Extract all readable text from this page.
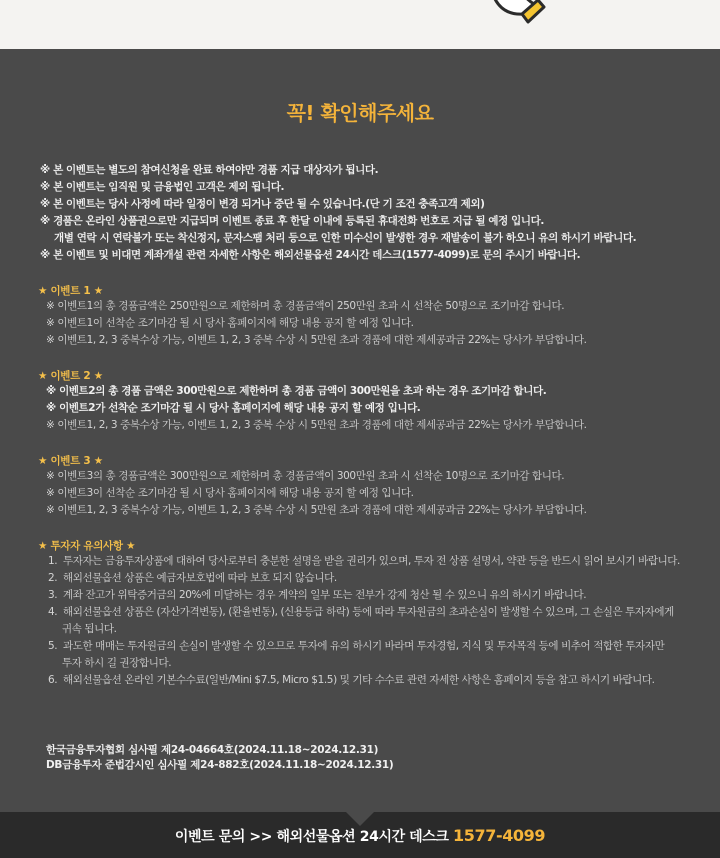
꼭! 확인해주세요
※ 본 이벤트는 별도의 참여신청을 완료 하여야만 경품 지급 대상자가 됩니다.
※ 본 이벤트는 임직원 및 금융법인 고객은 제외 됩니다.
※ 본 이벤트는 당사 사정에 따라 일정이 변경 되거나 중단 될 수 있습니다.(단 기 조건 충족고객 제외)
※ 경품은 온라인 상품권으로만 지급되며 이벤트 종료 후 한달 이내에 등록된 휴대전화 번호로 지급 될 예정 입니다.
개별 연락 시 연락불가 또는 착신정지, 문자스팸 처리 등으로 인한 미수신이 발생한 경우 재발송이 불가 하오니 유의 하시기 바랍니다.
※ 본 이벤트 및 비대면 계좌개설 관련 자세한 사항은 해외선물옵션 24시간 데스크(1577-4099)로 문의 주시기 바랍니다.
★ 이벤트 1 ★
※ 이벤트1의 총 경품금액은 250만원으로 제한하며 총 경품금액이 250만원 초과 시 선착순 50명으로 조기마감 합니다.
※ 이벤트1이 선착순 조기마감 될 시 당사 홈페이지에 해당 내용 공지 할 예정 입니다.
※ 이벤트1, 2, 3 중복수상 가능, 이벤트 1, 2, 3 중복 수상 시 5만원 초과 경품에 대한 제세공과금 22%는 당사가 부담합니다.
★ 이벤트 2 ★
※ 이벤트2의 총 경품 금액은 300만원으로 제한하며 총 경품 금액이 300만원을 초과 하는 경우 조기마감 합니다.
※ 이벤트2가 선착순 조기마감 될 시 당사 홈페이지에 해당 내용 공지 할 예정 입니다.
※ 이벤트1, 2, 3 중복수상 가능, 이벤트 1, 2, 3 중복 수상 시 5만원 초과 경품에 대한 제세공과금 22%는 당사가 부담합니다.
★ 이벤트 3 ★
※ 이벤트3의 총 경품금액은 300만원으로 제한하며 총 경품금액이 300만원 초과 시 선착순 10명으로 조기마감 합니다.
※ 이벤트3이 선착순 조기마감 될 시 당사 홈페이지에 해당 내용 공지 할 예정 입니다.
※ 이벤트1, 2, 3 중복수상 가능, 이벤트 1, 2, 3 중복 수상 시 5만원 초과 경품에 대한 제세공과금 22%는 당사가 부담합니다.
★ 투자자 유의사항 ★
1. 투자자는 금융투자상품에 대하여 당사로부터 충분한 설명을 받을 권리가 있으며, 투자 전 상품 설명서, 약관 등을 반드시 읽어 보시기 바랍니다.
2. 해외선물옵션 상품은 예금자보호법에 따라 보호 되지 않습니다.
3. 계좌 잔고가 위탁증거금의 20%에 미달하는 경우 계약의 일부 또는 전부가 강제 청산 될 수 있으니 유의 하시기 바랍니다.
4. 해외선물옵션 상품은 (자산가격변동), (환율변동), (신용등급 하락) 등에 따라 투자원금의 초과손실이 발생할 수 있으며, 그 손실은 투자자에게
귀속 됩니다.
5. 과도한 매매는 투자원금의 손실이 발생할 수 있으므로 투자에 유의 하시기 바라며 투자경험, 지식 및 투자목적 등에 비추어 적합한 투자자만
투자 하시 길 권장합니다.
6. 해외선물옵션 온라인 기본수수료(일반/Mini $7.5, Micro $1.5) 및 기타 수수료 관련 자세한 사항은 홈페이지 등을 참고 하시기 바랍니다.
한국금융투자협회 심사필 제24-04664호(2024.11.18~2024.12.31)
DB금융투자 준법감시인 심사필 제24-882호(2024.11.18~2024.12.31)
이벤트 문의 >> 해외선물옵션 24시간 데스크 1577-4099
